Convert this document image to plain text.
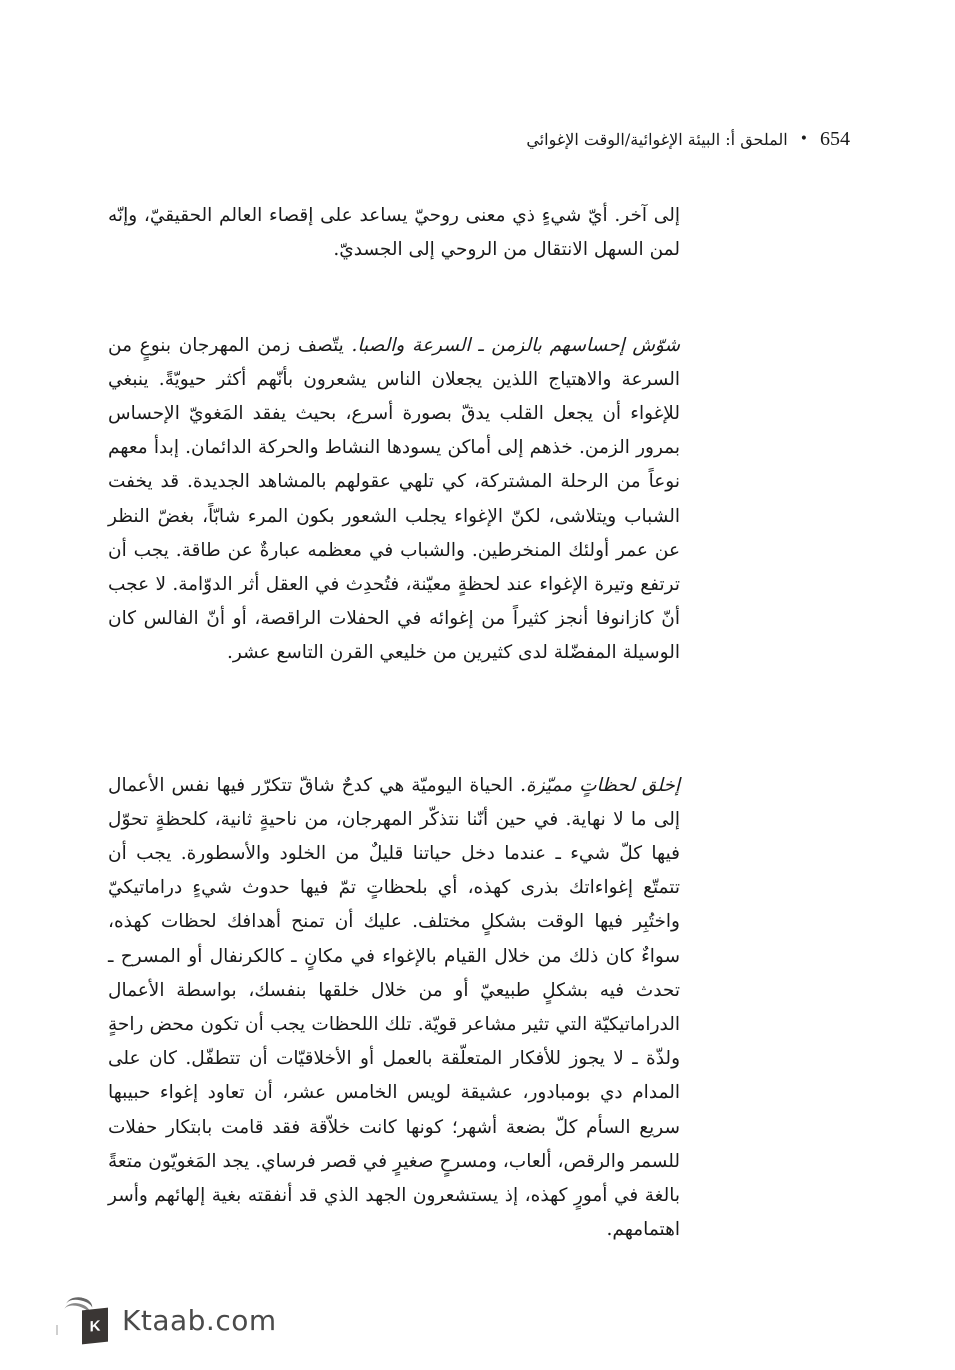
654
•
الملحق أ: البيئة الإغوائية/الوقت الإغوائي

إلى آخر. أيّ شيءٍ ذي معنى روحيّ يساعد على إقصاء العالم الحقيقيّ، وإنّه لمن السهل الانتقال من الروحي إلى الجسديّ.

شوّش إحساسهم بالزمن ـ السرعة والصبا. يتّصف زمن المهرجان بنوعٍ من السرعة والاهتياج اللذين يجعلان الناس يشعرون بأنّهم أكثر حيويّةً. ينبغي للإغواء أن يجعل القلب يدقّ بصورة أسرع، بحيث يفقد المَغويّ الإحساس بمرور الزمن. خذهم إلى أماكن يسودها النشاط والحركة الدائمان. إبدأ معهم نوعاً من الرحلة المشتركة، كي تلهي عقولهم بالمشاهد الجديدة. قد يخفت الشباب ويتلاشى، لكنّ الإغواء يجلب الشعور بكون المرء شابّاً، بغضّ النظر عن عمر أولئك المنخرطين. والشباب في معظمه عبارةٌ عن طاقة. يجب أن ترتفع وتيرة الإغواء عند لحظةٍ معيّنة، فتُحدِث في العقل أثر الدوّامة. لا عجب أنّ كازانوفا أنجز كثيراً من إغوائه في الحفلات الراقصة، أو أنّ الفالس كان الوسيلة المفضّلة لدى كثيرين من خليعي القرن التاسع عشر.

إخلق لحظاتٍ مميّزة. الحياة اليوميّة هي كدحٌ شاقّ تتكرّر فيها نفس الأعمال إلى ما لا نهاية. في حين أنّنا نتذكّر المهرجان، من ناحيةٍ ثانية، كلحظةٍ تحوّل فيها كلّ شيء ـ عندما دخل حياتنا قليلٌ من الخلود والأسطورة. يجب أن تتمتّع إغواءاتك بذرى كهذه، أي بلحظاتٍ تمّ فيها حدوث شيءٍ دراماتيكيّ واختُبِر فيها الوقت بشكلٍ مختلف. عليك أن تمنح أهدافك لحظات كهذه، سواءٌ كان ذلك من خلال القيام بالإغواء في مكانٍ ـ كالكرنفال أو المسرح ـ تحدث فيه بشكلٍ طبيعيّ أو من خلال خلقها بنفسك، بواسطة الأعمال الدراماتيكيّة التي تثير مشاعر قويّة. تلك اللحظات يجب أن تكون محض راحةٍ ولذّة ـ لا يجوز للأفكار المتعلّقة بالعمل أو الأخلاقيّات أن تتطفّل. كان على المدام دي بومبادور، عشيقة لويس الخامس عشر، أن تعاود إغواء حبيبها سريع السأم كلّ بضعة أشهر؛ كونها كانت خلاّقة فقد قامت بابتكار حفلات للسمر والرقص، ألعاب، ومسرحٍ صغيرٍ في قصر فرساي. يجد المَغويّون متعةً بالغة في أمورٍ كهذه، إذ يستشعرون الجهد الذي قد أنفقته بغية إلهائهم وأسر اهتمامهم.

K Ktaab.com
